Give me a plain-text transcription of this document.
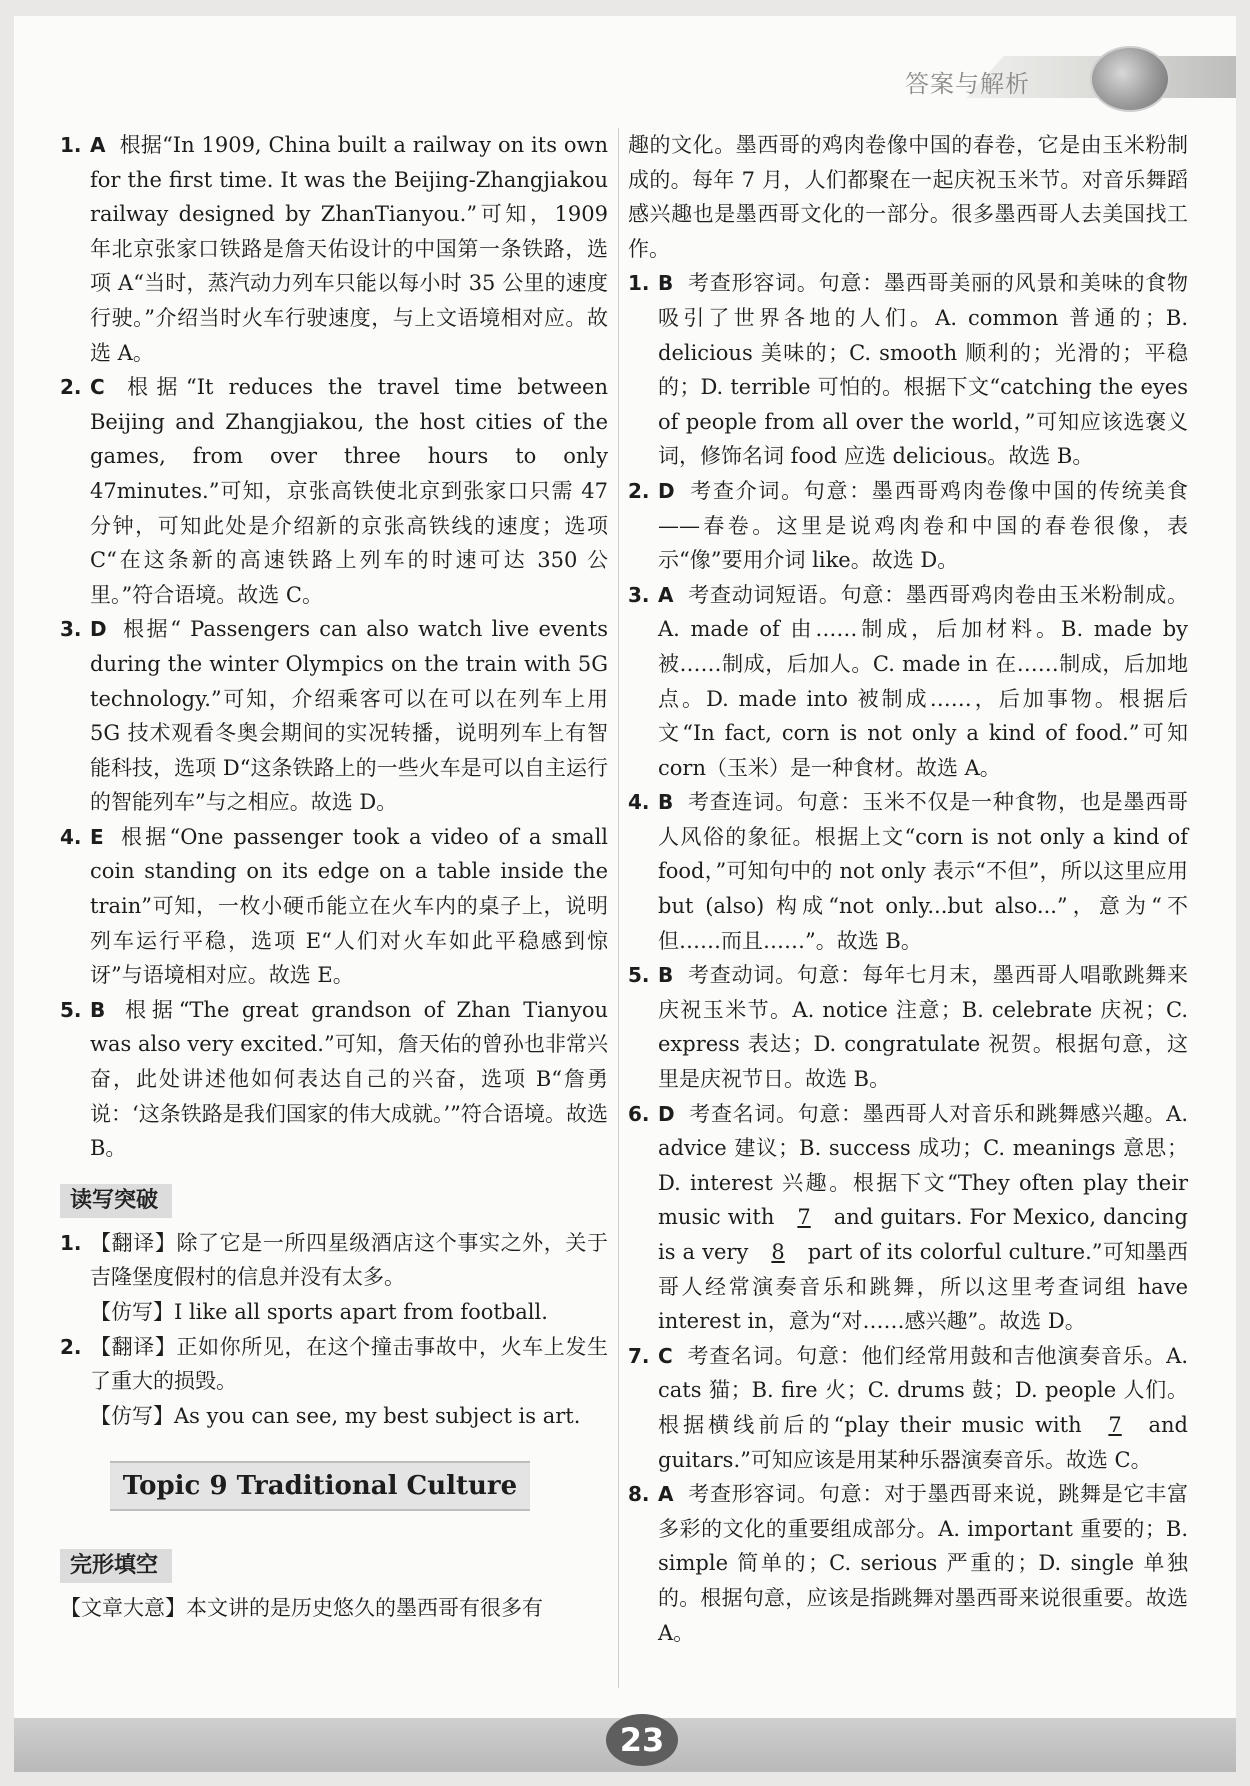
答案与解析
1. A 根据“In 1909, China built a railway on its own for the first time. It was the Beijing-Zhangjiakou railway designed by ZhanTianyou.”可知，1909 年北京张家口铁路是詹天佑设计的中国第一条铁路，选项 A“当时，蒸汽动力列车只能以每小时 35 公里的速度行驶。”介绍当时火车行驶速度，与上文语境相对应。故选 A。
2. C 根据“It reduces the travel time between Beijing and Zhangjiakou, the host cities of the games, from over three hours to only 47minutes.”可知，京张高铁使北京到张家口只需 47 分钟，可知此处是介绍新的京张高铁线的速度；选项 C“在这条新的高速铁路上列车的时速可达 350 公里。”符合语境。故选 C。
3. D 根据“ Passengers can also watch live events during the winter Olympics on the train with 5G technology.”可知，介绍乘客可以在可以在列车上用 5G 技术观看冬奥会期间的实况转播，说明列车上有智能科技，选项 D“这条铁路上的一些火车是可以自主运行的智能列车”与之相应。故选 D。
4. E 根据“One passenger took a video of a small coin standing on its edge on a table inside the train”可知，一枚小硬币能立在火车内的桌子上，说明列车运行平稳，选项 E“人们对火车如此平稳感到惊讶”与语境相对应。故选 E。
5. B 根据“The great grandson of Zhan Tianyou was also very excited.”可知，詹天佑的曾孙也非常兴奋，此处讲述他如何表达自己的兴奋，选项 B“詹勇说：‘这条铁路是我们国家的伟大成就。’”符合语境。故选 B。
读写突破
1. 【翻译】除了它是一所四星级酒店这个事实之外，关于吉隆堡度假村的信息并没有太多。
【仿写】I like all sports apart from football.
2. 【翻译】正如你所见，在这个撞击事故中，火车上发生了重大的损毁。
【仿写】As you can see, my best subject is art.
Topic 9 Traditional Culture
完形填空
【文章大意】本文讲的是历史悠久的墨西哥有很多有
趣的文化。墨西哥的鸡肉卷像中国的春卷，它是由玉米粉制成的。每年 7 月，人们都聚在一起庆祝玉米节。对音乐舞蹈感兴趣也是墨西哥文化的一部分。很多墨西哥人去美国找工作。
1. B 考查形容词。句意：墨西哥美丽的风景和美味的食物吸引了世界各地的人们。A. common 普通的；B. delicious 美味的；C. smooth 顺利的；光滑的；平稳的；D. terrible 可怕的。根据下文“catching the eyes of people from all over the world，”可知应该选褒义词，修饰名词 food 应选 delicious。故选 B。
2. D 考查介词。句意：墨西哥鸡肉卷像中国的传统美食——春卷。这里是说鸡肉卷和中国的春卷很像，表示“像”要用介词 like。故选 D。
3. A 考查动词短语。句意：墨西哥鸡肉卷由玉米粉制成。A. made of 由……制成，后加材料。B. made by 被……制成，后加人。C. made in 在……制成，后加地点。D. made into 被制成……，后加事物。根据后文“In fact, corn is not only a kind of food.”可知 corn（玉米）是一种食材。故选 A。
4. B 考查连词。句意：玉米不仅是一种食物，也是墨西哥人风俗的象征。根据上文“corn is not only a kind of food，”可知句中的 not only 表示“不但”，所以这里应用 but (also) 构成“not only...but also...”，意为“不但……而且……”。故选 B。
5. B 考查动词。句意：每年七月末，墨西哥人唱歌跳舞来庆祝玉米节。A. notice 注意；B. celebrate 庆祝；C. express 表达；D. congratulate 祝贺。根据句意，这里是庆祝节日。故选 B。
6. D 考查名词。句意：墨西哥人对音乐和跳舞感兴趣。A. advice 建议；B. success 成功；C. meanings 意思；D. interest 兴趣。根据下文“They often play their music with 7 and guitars. For Mexico, dancing is a very 8 part of its colorful culture.”可知墨西哥人经常演奏音乐和跳舞，所以这里考查词组 have interest in，意为“对……感兴趣”。故选 D。
7. C 考查名词。句意：他们经常用鼓和吉他演奏音乐。A. cats 猫；B. fire 火；C. drums 鼓；D. people 人们。根据横线前后的“play their music with 7 and guitars.”可知应该是用某种乐器演奏音乐。故选 C。
8. A 考查形容词。句意：对于墨西哥来说，跳舞是它丰富多彩的文化的重要组成部分。A. important 重要的；B. simple 简单的；C. serious 严重的；D. single 单独的。根据句意，应该是指跳舞对墨西哥来说很重要。故选 A。
23
